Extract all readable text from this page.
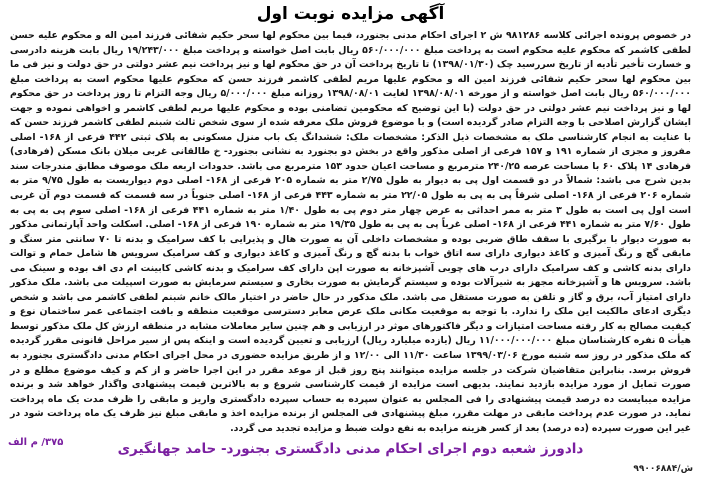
آگهی مزایده نوبت اول

در خصوص پرونده اجرائی کلاسه ۹۸۱۲۸۶ ش ۲ اجرای احکام مدنی بجنورد، فیما بین محکوم لها سحر حکیم شفائی فرزند امین اله و محکوم علیه حسن لطفی کاشمر که محکوم علیه محکوم است به پرداخت مبلغ ۵۶۰/۰۰۰/۰۰۰ ریال بابت اصل خواسته و پرداخت مبلغ ۱۹/۲۴۳/۰۰۰ ریال بابت هزینه دادرسی و خسارت تأخیر تأدیه از تاریخ سررسید چک (۱۳۹۸/۰۱/۳۰) تا تاریخ پرداخت آن در حق محکوم لها و نیز پرداخت نیم عشر دولتی در حق دولت و نیز فی ما بین محکوم لها سحر حکیم شفائی فرزند امین اله و محکوم علیها مریم لطفی کاشمر فرزند حسن که محکوم علیها محکوم است به پرداخت مبلغ ۵۶۰/۰۰۰/۰۰۰ ریال بابت اصل خواسته و از مورخه ۱۳۹۸/۰۸/۰۱ لغایت ۱۳۹۸/۰۸/۰۱ روزانه مبلغ ۵/۰۰۰/۰۰۰ ریال وجه التزام تا روز پرداخت در حق محکوم لها و نیز پرداخت نیم عشر دولتی در حق دولت (با این توضیح که محکومین تضامنی بوده و محکوم علیها مریم لطفی کاشمر و اخواهی نموده و جهت ایشان گزارش اصلاحی با وجه التزام صادر گردیده است) و با موضوع فروش ملک معرفه شده از سوی شخص ثالث شبنم لطفی کاشمر فرزند حسن که با عنایت به انجام کارشناسی ملک به مشخصات ذیل الذکر: مشخصات ملک: ششدانگ یک باب منزل مسکونی به پلاک ثبتی ۴۴۲ فرعی از ۱۶۸- اصلی مفروز و مجزی از شماره ۱۹۱ و ۱۵۷ فرعی از اصلی مذکور واقع در بخش دو بجنورد به نشانی بجنورد- خ طالقانی غربی میلان بانک مسکن (فرهادی) فرهادی ۱۴ پلاک ۶۰ با مساحت عرصه ۲۴۰/۲۵ مترمربع و مساحت اعیان حدود ۱۵۳ مترمربع می باشد. حدودات اربعه ملک موصوف مطابق مندرجات سند بدین شرح می باشد: شمالاً در دو قسمت اول پی به دیوار به طول ۲/۷۵ متر به شماره ۲۰۵ فرعی از ۱۶۸- اصلی دوم دیواریست به طول ۹/۷۵ متر به شماره ۲۰۶ فرعی از ۱۶۸- اصلی شرقاً پی به پی به طول ۲۲/۰۵ متر به شماره ۴۴۳ فرعی از ۱۶۸- اصلی جنوباً در سه قسمت که قسمت دوم آن غربی است اول پی است به طول ۳ متر به ممر احداثی به عرض چهار متر دوم پی به طول ۱/۴۰ متر به شماره ۴۴۱ فرعی از ۱۶۸- اصلی سوم پی به پی به طول ۷/۶۰ متر به شماره ۴۴۱ فرعی از ۱۶۸- اصلی غرباً پی به پی به طول ۱۹/۳۵ متر به شماره ۱۹۰ فرعی از ۱۶۸- اصلی. اسکلت واحد آپارتمانی مذکور به صورت دیوار با برگیری با سقف طاق ضربی بوده و مشخصات داخلی آن به صورت هال و پذیرایی با کف سرامیک و بدنه تا ۷۰ سانتی متر سنگ و مابقی گچ و رنگ آمیزی و کاغذ دیواری دارای سه اتاق خواب با بدنه گچ و رنگ آمیزی و کاغذ دیواری و کف سرامیک سرویس ها شامل حمام و توالت دارای بدنه کاشی و کف سرامیک دارای درب های چوبی آشپزخانه به صورت اپن دارای کف سرامیک و بدنه کاشی کابینت ام دی اف بوده و سینک می باشد. سرویس ها و آشپزخانه مجهز به شیرآلات بوده و سیستم گرمایش به صورت بخاری و سیستم سرمایش به صورت اسپیلت می باشد. ملک مذکور دارای امتیاز آب، برق و گاز و تلفن به صورت مستقل می باشد. ملک مذکور در حال حاضر در اختیار مالک خانم شبنم لطفی کاشمر می باشد و شخص دیگری ادعای مالکیت این ملک را ندارد. با توجه به موقعیت مکانی ملک عرض معابر دسترسی موقعیت منطقه و بافت اجتماعی عمر ساختمان نوع و کیفیت مصالح به کار رفته مساحت امتیازات و دیگر فاکتورهای موثر در ارزیابی و هم چنین سایر معاملات مشابه در منطقه ارزش کل ملک مذکور توسط هیأت ۵ نفره کارشناسان مبلغ ۱۱/۰۰۰/۰۰۰/۰۰۰ ریال (یازده میلیارد ریال) ارزیابی و تعیین گردیده است و اینکه پس از سیر مراحل قانونی مقرر گردیده که ملک مذکور در روز سه شنبه مورخ ۱۳۹۹/۰۳/۰۶ ساعت ۱۱/۳۰ الی ۱۲/۰۰ و از طریق مزایده حضوری در محل اجرای احکام مدنی دادگستری بجنورد به فروش برسد. بنابراین متقاضیان شرکت در جلسه مزایده میتوانند پنج روز قبل از موعد مقرر در این اجرا حاضر و از کم و کیف موضوع مطلع و در صورت تمایل از مورد مزایده بازدید نمایند. بدیهی است مزایده از قیمت کارشناسی شروع و به بالاترین قیمت پیشنهادی واگذار خواهد شد و برنده مزایده میبایست ده درصد قیمت پیشنهادی را فی المجلس به عنوان سپرده به حساب سپرده دادگستری واریز و مابقی را ظرف مدت یک ماه پرداخت نماید. در صورت عدم پرداخت مابقی در مهلت مقرر، مبلغ پیشنهادی فی المجلس از برنده مزایده اخذ و مابقی مبلغ نیز ظرف یک ماه پرداخت شود در غیر این صورت سپرده (ده درصد) بعد از کسر هزینه مزایده به نفع دولت ضبط و مزایده تجدید می گردد.

دادورز شعبه دوم اجرای احکام مدنی دادگستری بجنورد- حامد جهانگیری
۹۹۰۰۶۸۸۴/ش
۳۷۵/ م الف
